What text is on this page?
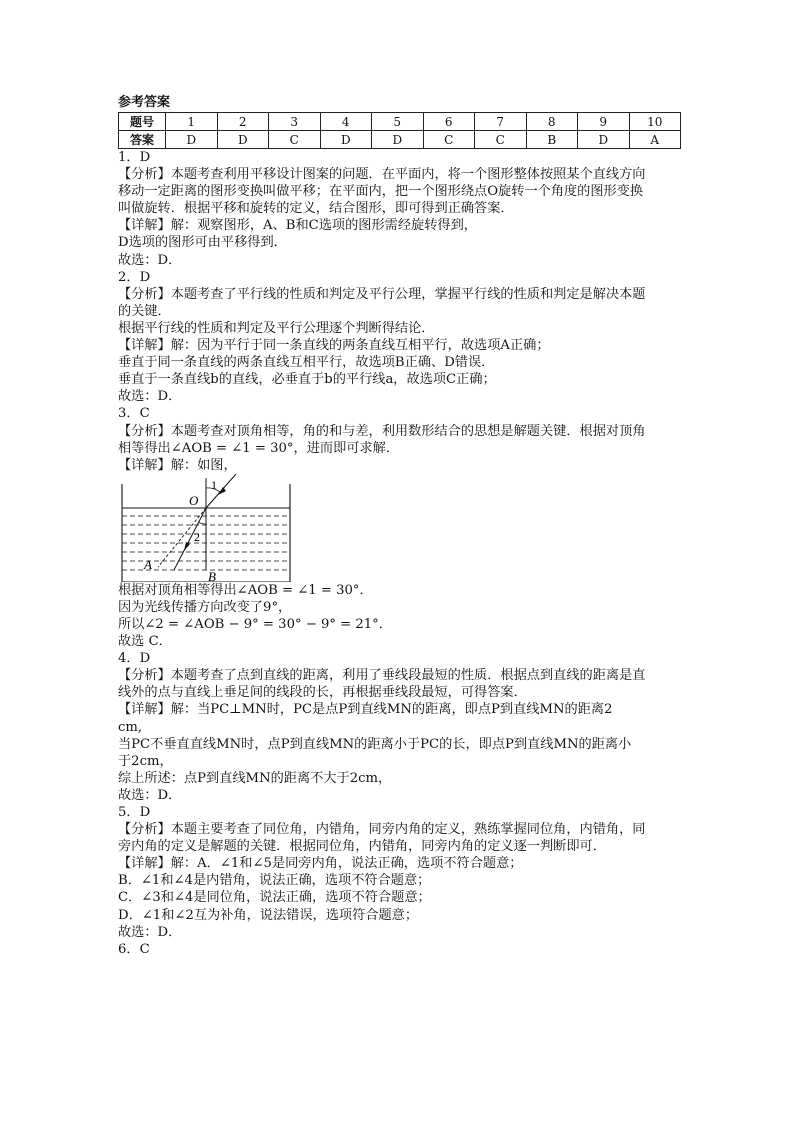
参考答案
题号	1	2	3	4	5	6	7	8	9	10
答案	D	D	C	D	D	C	C	B	D	A
1．D
【分析】本题考查利用平移设计图案的问题．在平面内，将一个图形整体按照某个直线方向
移动一定距离的图形变换叫做平移；在平面内，把一个图形绕点O旋转一个角度的图形变换
叫做旋转．根据平移和旋转的定义，结合图形，即可得到正确答案．
【详解】解：观察图形，A、B和C选项的图形需经旋转得到，
D选项的图形可由平移得到．
故选：D．
2．D
【分析】本题考查了平行线的性质和判定及平行公理，掌握平行线的性质和判定是解决本题
的关键．
根据平行线的性质和判定及平行公理逐个判断得结论．
【详解】解：因为平行于同一条直线的两条直线互相平行，故选项A正确；
垂直于同一条直线的两条直线互相平行，故选项B正确、D错误．
垂直于一条直线b的直线，必垂直于b的平行线a，故选项C正确；
故选：D．
3．C
【分析】本题考查对顶角相等，角的和与差，利用数形结合的思想是解题关键．根据对顶角
相等得出∠AOB = ∠1 = 30°，进而即可求解．
【详解】解：如图，
1
O
2
A
B
根据对顶角相等得出∠AOB = ∠1 = 30°．
因为光线传播方向改变了9°，
所以∠2 = ∠AOB − 9° = 30° − 9° = 21°．
故选 C．
4．D
【分析】本题考查了点到直线的距离，利用了垂线段最短的性质．根据点到直线的距离是直
线外的点与直线上垂足间的线段的长，再根据垂线段最短，可得答案．
【详解】解：当PC⊥MN时，PC是点P到直线MN的距离，即点P到直线MN的距离2
cm,
当PC不垂直直线MN时，点P到直线MN的距离小于PC的长，即点P到直线MN的距离小
于2cm，
综上所述：点P到直线MN的距离不大于2cm，
故选：D．
5．D
【分析】本题主要考查了同位角，内错角，同旁内角的定义，熟练掌握同位角，内错角，同
旁内角的定义是解题的关键．根据同位角，内错角，同旁内角的定义逐一判断即可．
【详解】解：A．∠1和∠5是同旁内角，说法正确，选项不符合题意；
B．∠1和∠4是内错角，说法正确，选项不符合题意；
C．∠3和∠4是同位角，说法正确，选项不符合题意；
D．∠1和∠2互为补角，说法错误，选项符合题意；
故选：D．
6．C
